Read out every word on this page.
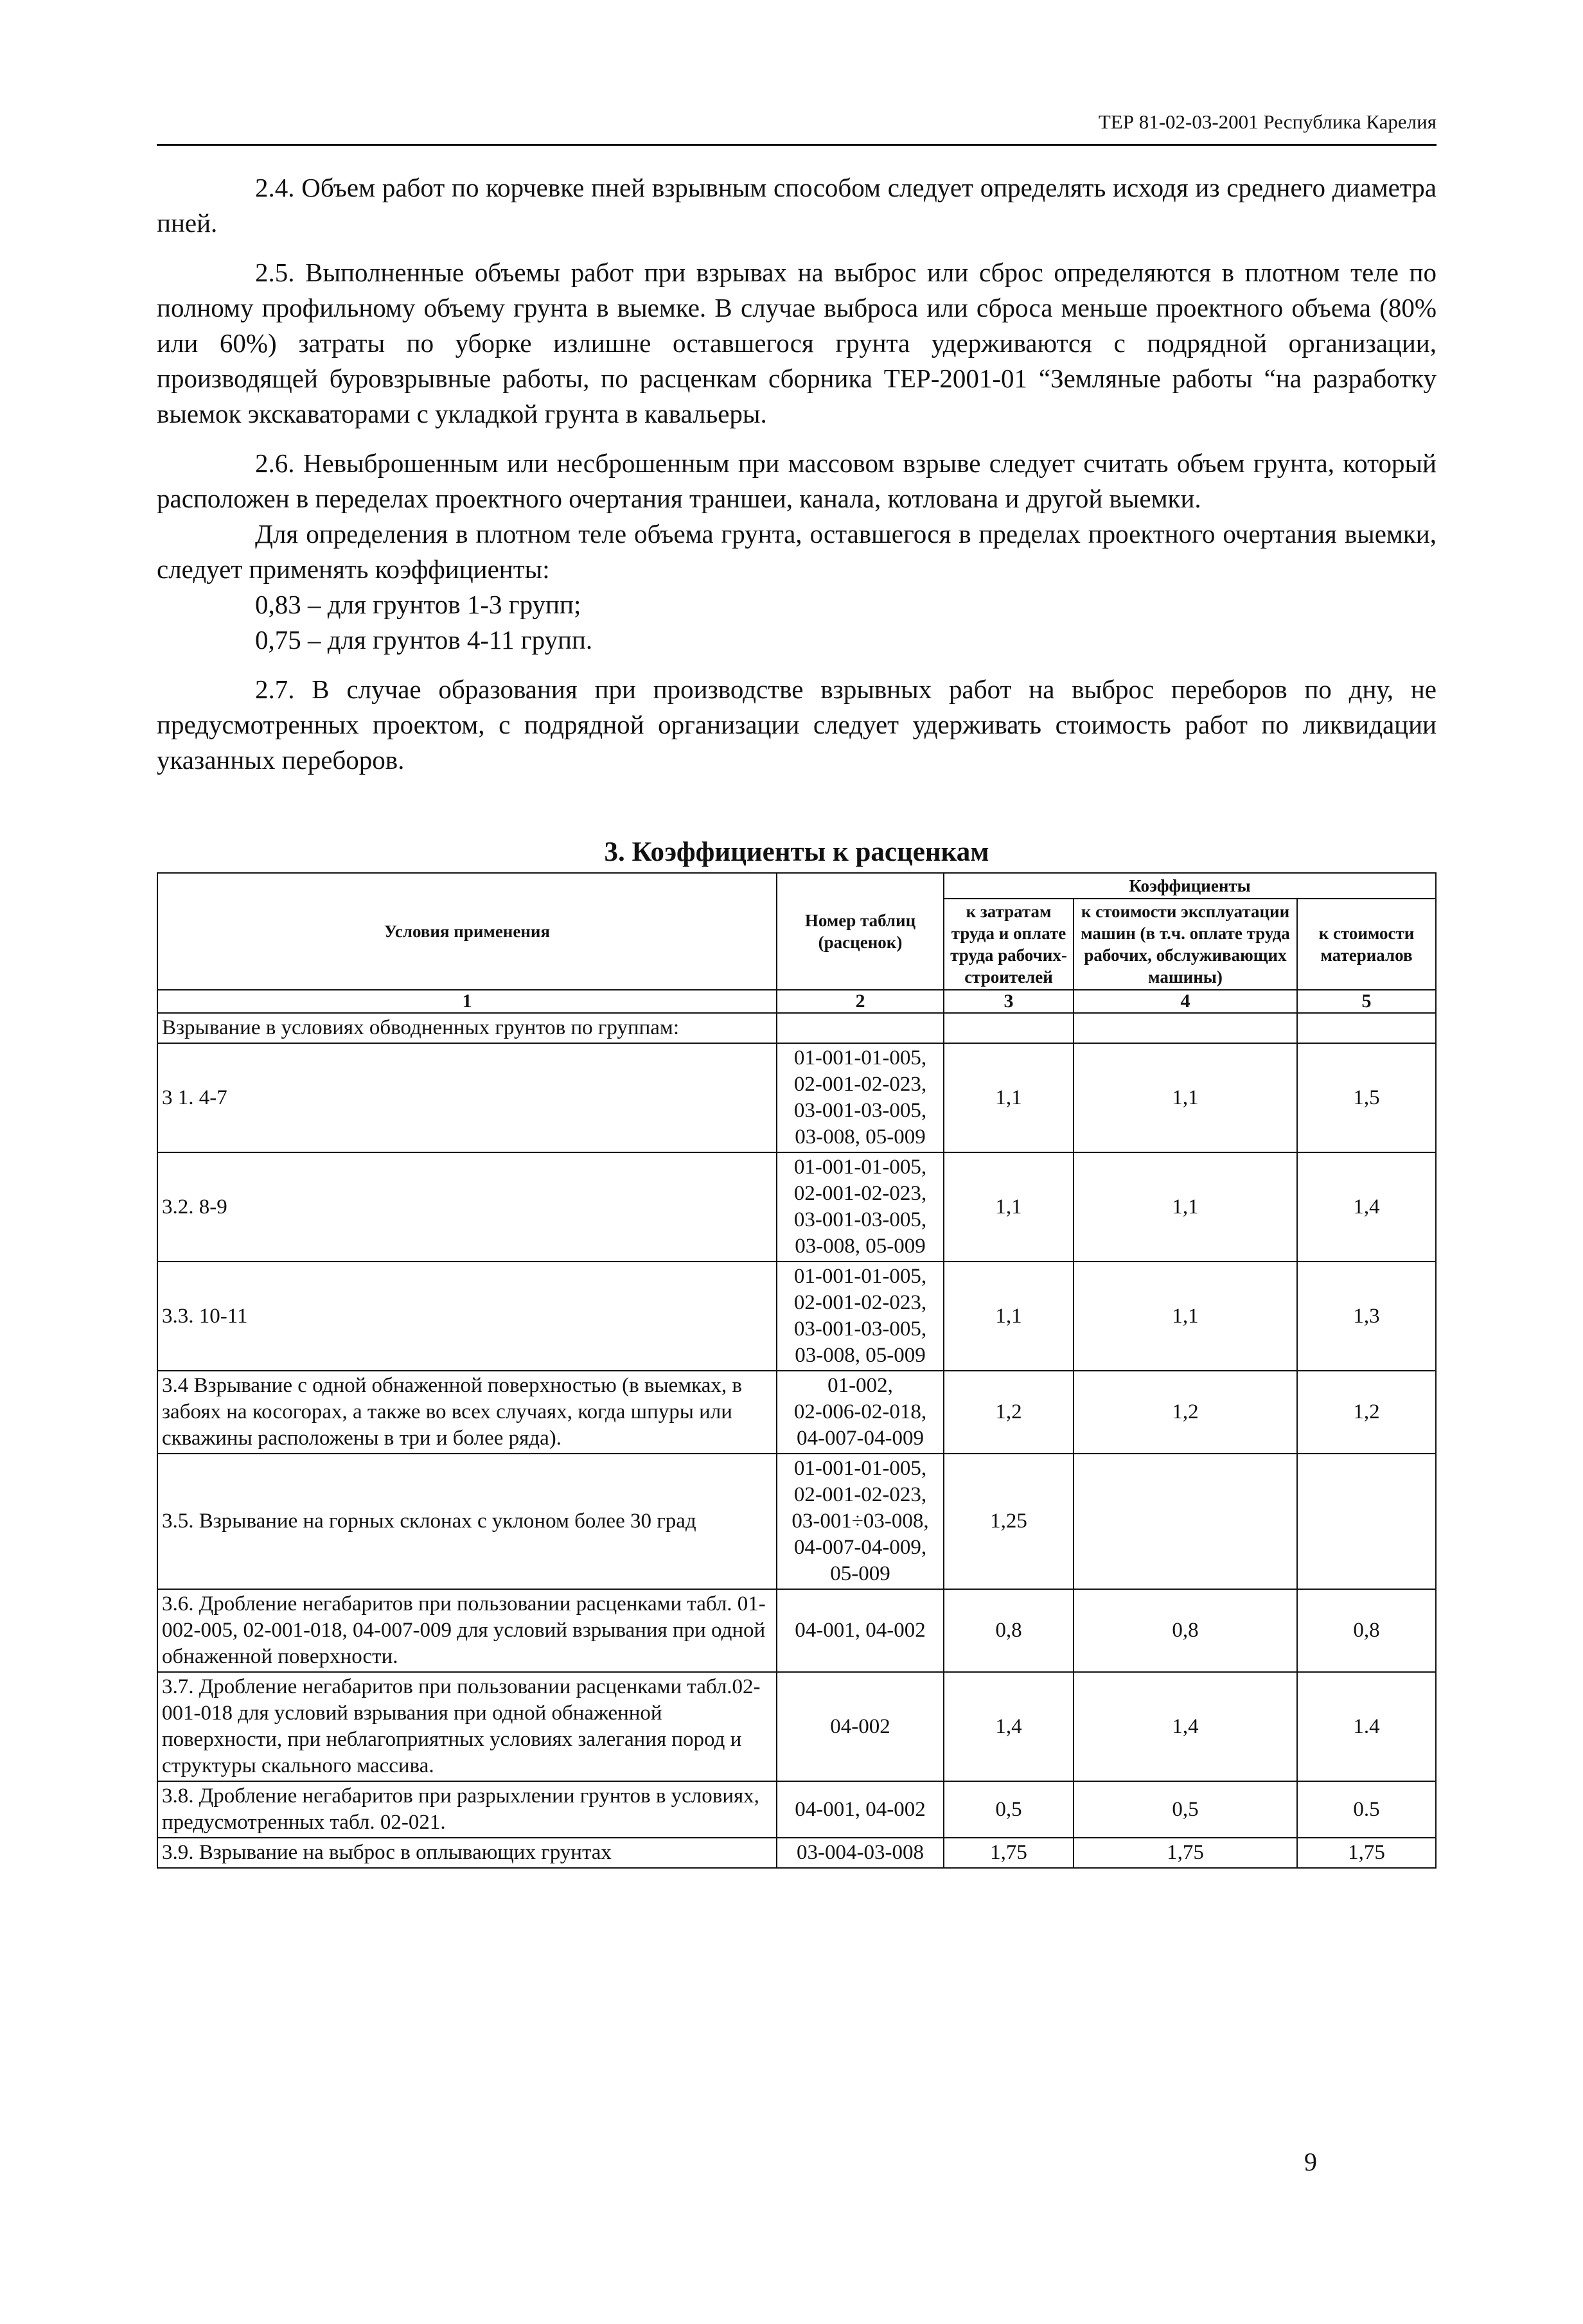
ТЕР 81-02-03-2001 Республика Карелия

2.4. Объем работ по корчевке пней взрывным способом следует определять исходя из среднего диаметра пней.

2.5. Выполненные объемы работ при взрывах на выброс или сброс определяются в плотном теле по полному профильному объему грунта в выемке. В случае выброса или сброса меньше проектного объема (80% или 60%) затраты по уборке излишне оставшегося грунта удерживаются с подрядной организации, производящей буровзрывные работы, по расценкам сборника ТЕР-2001-01 “Земляные работы “на разработку выемок экскаваторами с укладкой грунта в кавальеры.

2.6. Невыброшенным или несброшенным при массовом взрыве следует считать объем грунта, который расположен в переделах проектного очертания траншеи, канала, котлована и другой выемки.

Для определения в плотном теле объема грунта, оставшегося в пределах проектного очертания выемки, следует применять коэффициенты:

0,83 – для грунтов 1-3 групп;

0,75 – для грунтов 4-11 групп.

2.7. В случае образования при производстве взрывных работ на выброс переборов по дну, не предусмотренных проектом, с подрядной организации следует удерживать стоимость работ по ликвидации указанных переборов.

3. Коэффициенты к расценкам
Условия применения	Номер таблиц (расценок)	Коэффициенты		
		к затратам труда и оплате труда рабочих-строителей	к стоимости эксплуатации машин (в т.ч. оплате труда рабочих, обслуживающих машины)	к стоимости материалов
1	2	3	4	5
Взрывание в условиях обводненных грунтов по группам:				
3 1. 4-7	01-001-01-005,
02-001-02-023,
03-001-03-005,
03-008, 05-009	1,1	1,1	1,5
3.2. 8-9	01-001-01-005,
02-001-02-023,
03-001-03-005,
03-008, 05-009	1,1	1,1	1,4
3.3. 10-11	01-001-01-005,
02-001-02-023,
03-001-03-005,
03-008, 05-009	1,1	1,1	1,3
3.4 Взрывание с одной обнаженной поверхностью (в выемках, в забоях на косогорах, а также во всех случаях, когда шпуры или скважины расположены в три и более ряда).	01-002,
02-006-02-018,
04-007-04-009	1,2	1,2	1,2
3.5. Взрывание на горных склонах с уклоном более 30 град	01-001-01-005,
02-001-02-023,
03-001÷03-008,
04-007-04-009,
05-009	1,25		
3.6. Дробление негабаритов при пользовании расценками табл. 01-002-005, 02-001-018, 04-007-009 для условий взрывания при одной обнаженной поверхности.	04-001, 04-002	0,8	0,8	0,8
3.7. Дробление негабаритов при пользовании расценками табл.02-001-018 для условий взрывания при одной обнаженной поверхности, при неблагоприятных условиях залегания пород и структуры скального массива.	04-002	1,4	1,4	1.4
3.8. Дробление негабаритов при разрыхлении грунтов в условиях, предусмотренных табл. 02-021.	04-001, 04-002	0,5	0,5	0.5
3.9. Взрывание на выброс в оплывающих грунтах	03-004-03-008	1,75	1,75	1,75
9
